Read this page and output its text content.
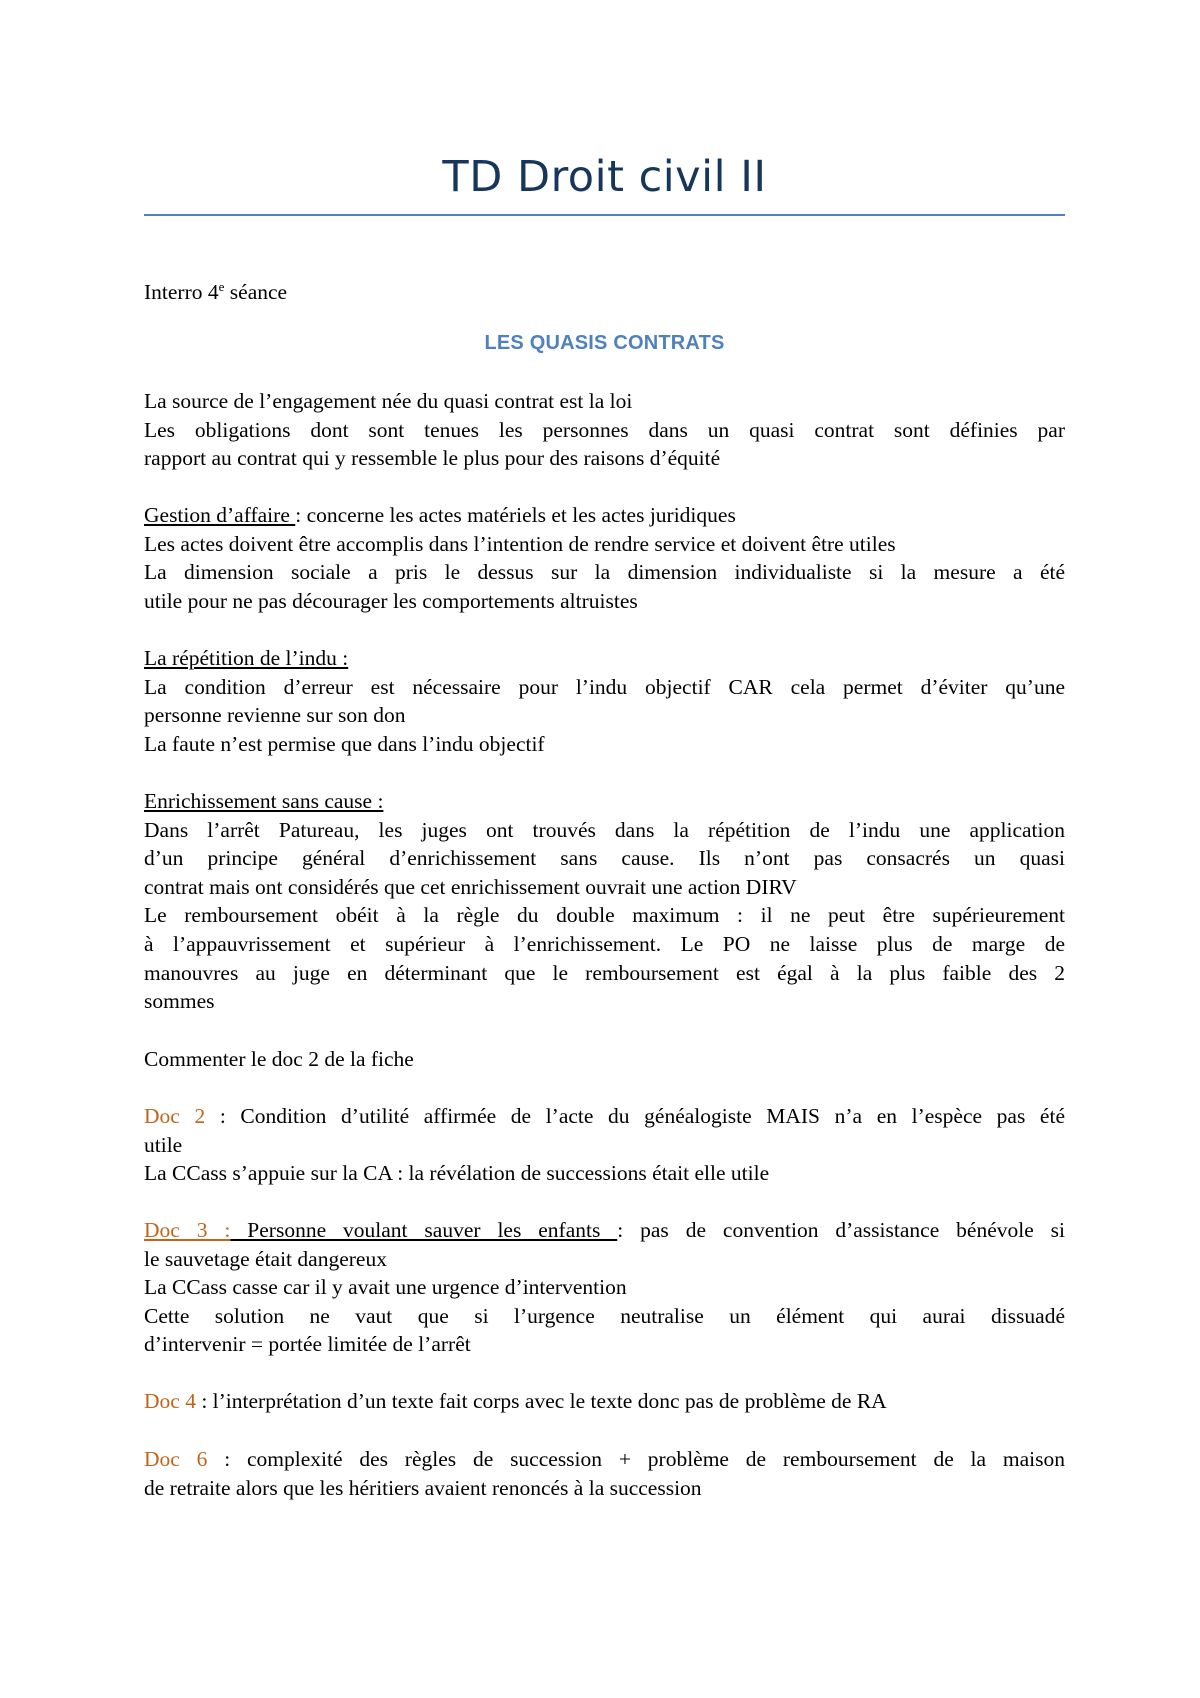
TD Droit civil II
Interro 4e séance
LES QUASIS CONTRATS
La source de l’engagement née du quasi contrat est la loi
Les obligations dont sont tenues les personnes dans un quasi contrat sont définies par
rapport au contrat qui y ressemble le plus pour des raisons d’équité
Gestion d’affaire : concerne les actes matériels et les actes juridiques
Les actes doivent être accomplis dans l’intention de rendre service et doivent être utiles
La dimension sociale a pris le dessus sur la dimension individualiste si la mesure a été
utile pour ne pas décourager les comportements altruistes
La répétition de l’indu :
La condition d’erreur est nécessaire pour l’indu objectif CAR cela permet d’éviter qu’une
personne revienne sur son don
La faute n’est permise que dans l’indu objectif
Enrichissement sans cause :
Dans l’arrêt Patureau, les juges ont trouvés dans la répétition de l’indu une application
d’un principe général d’enrichissement sans cause. Ils n’ont pas consacrés un quasi
contrat mais ont considérés que cet enrichissement ouvrait une action DIRV
Le remboursement obéit à la règle du double maximum : il ne peut être supérieurement
à l’appauvrissement et supérieur à l’enrichissement. Le PO ne laisse plus de marge de
manouvres au juge en déterminant que le remboursement est égal à la plus faible des 2
sommes
Commenter le doc 2 de la fiche
Doc 2 : Condition d’utilité affirmée de l’acte du généalogiste MAIS n’a en l’espèce pas été
utile
La CCass s’appuie sur la CA : la révélation de successions était elle utile
Doc 3 : Personne voulant sauver les enfants : pas de convention d’assistance bénévole si
le sauvetage était dangereux
La CCass casse car il y avait une urgence d’intervention
Cette solution ne vaut que si l’urgence neutralise un élément qui aurai dissuadé
d’intervenir = portée limitée de l’arrêt
Doc 4 : l’interprétation d’un texte fait corps avec le texte donc pas de problème de RA
Doc 6 : complexité des règles de succession + problème de remboursement de la maison
de retraite alors que les héritiers avaient renoncés à la succession
